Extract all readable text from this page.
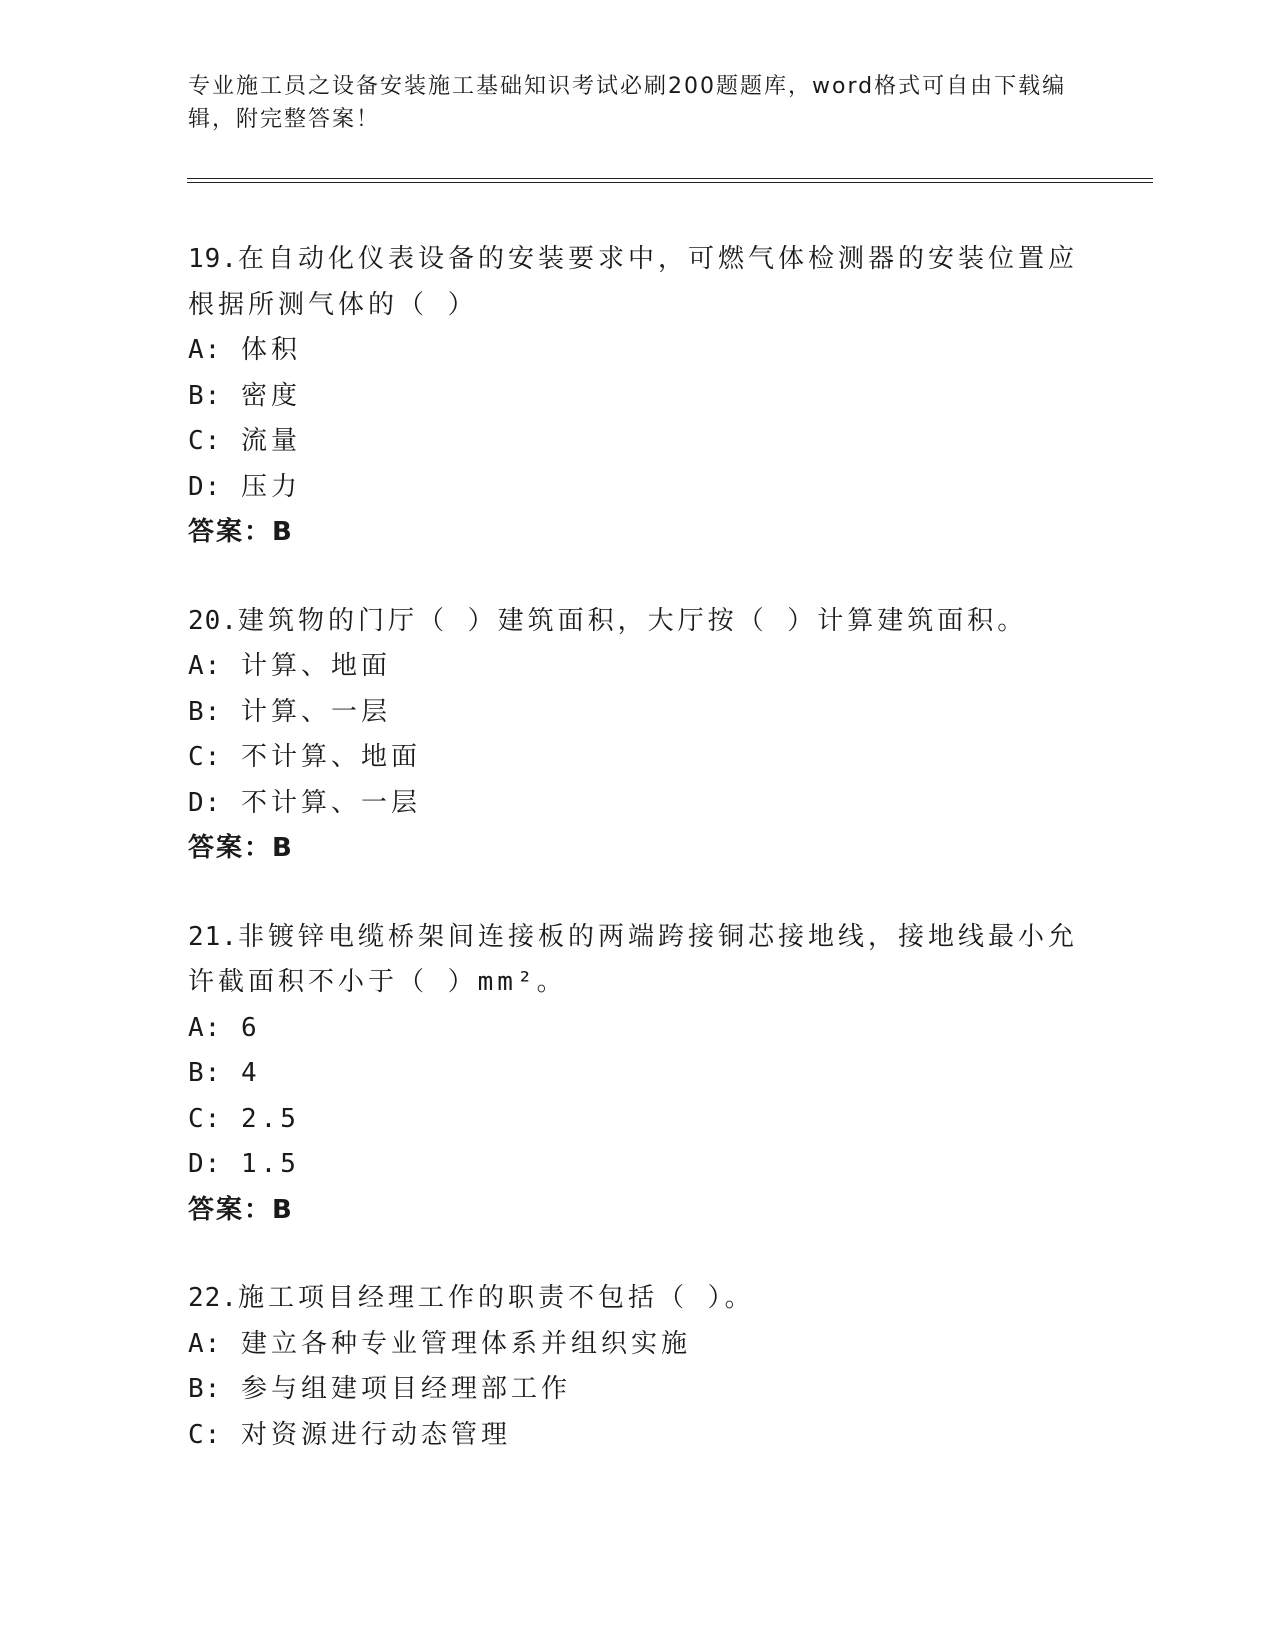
专业施工员之设备安装施工基础知识考试必刷200题题库，word格式可自由下载编辑，附完整答案！
19.在自动化仪表设备的安装要求中，可燃气体检测器的安装位置应根据所测气体的（ ）
A: 体积
B: 密度
C: 流量
D: 压力
答案：B
20.建筑物的门厅（ ）建筑面积，大厅按（ ）计算建筑面积。
A: 计算、地面
B: 计算、一层
C: 不计算、地面
D: 不计算、一层
答案：B
21.非镀锌电缆桥架间连接板的两端跨接铜芯接地线，接地线最小允许截面积不小于（ ）mm²。
A: 6
B: 4
C: 2.5
D: 1.5
答案：B
22.施工项目经理工作的职责不包括（ ）。
A: 建立各种专业管理体系并组织实施
B: 参与组建项目经理部工作
C: 对资源进行动态管理
